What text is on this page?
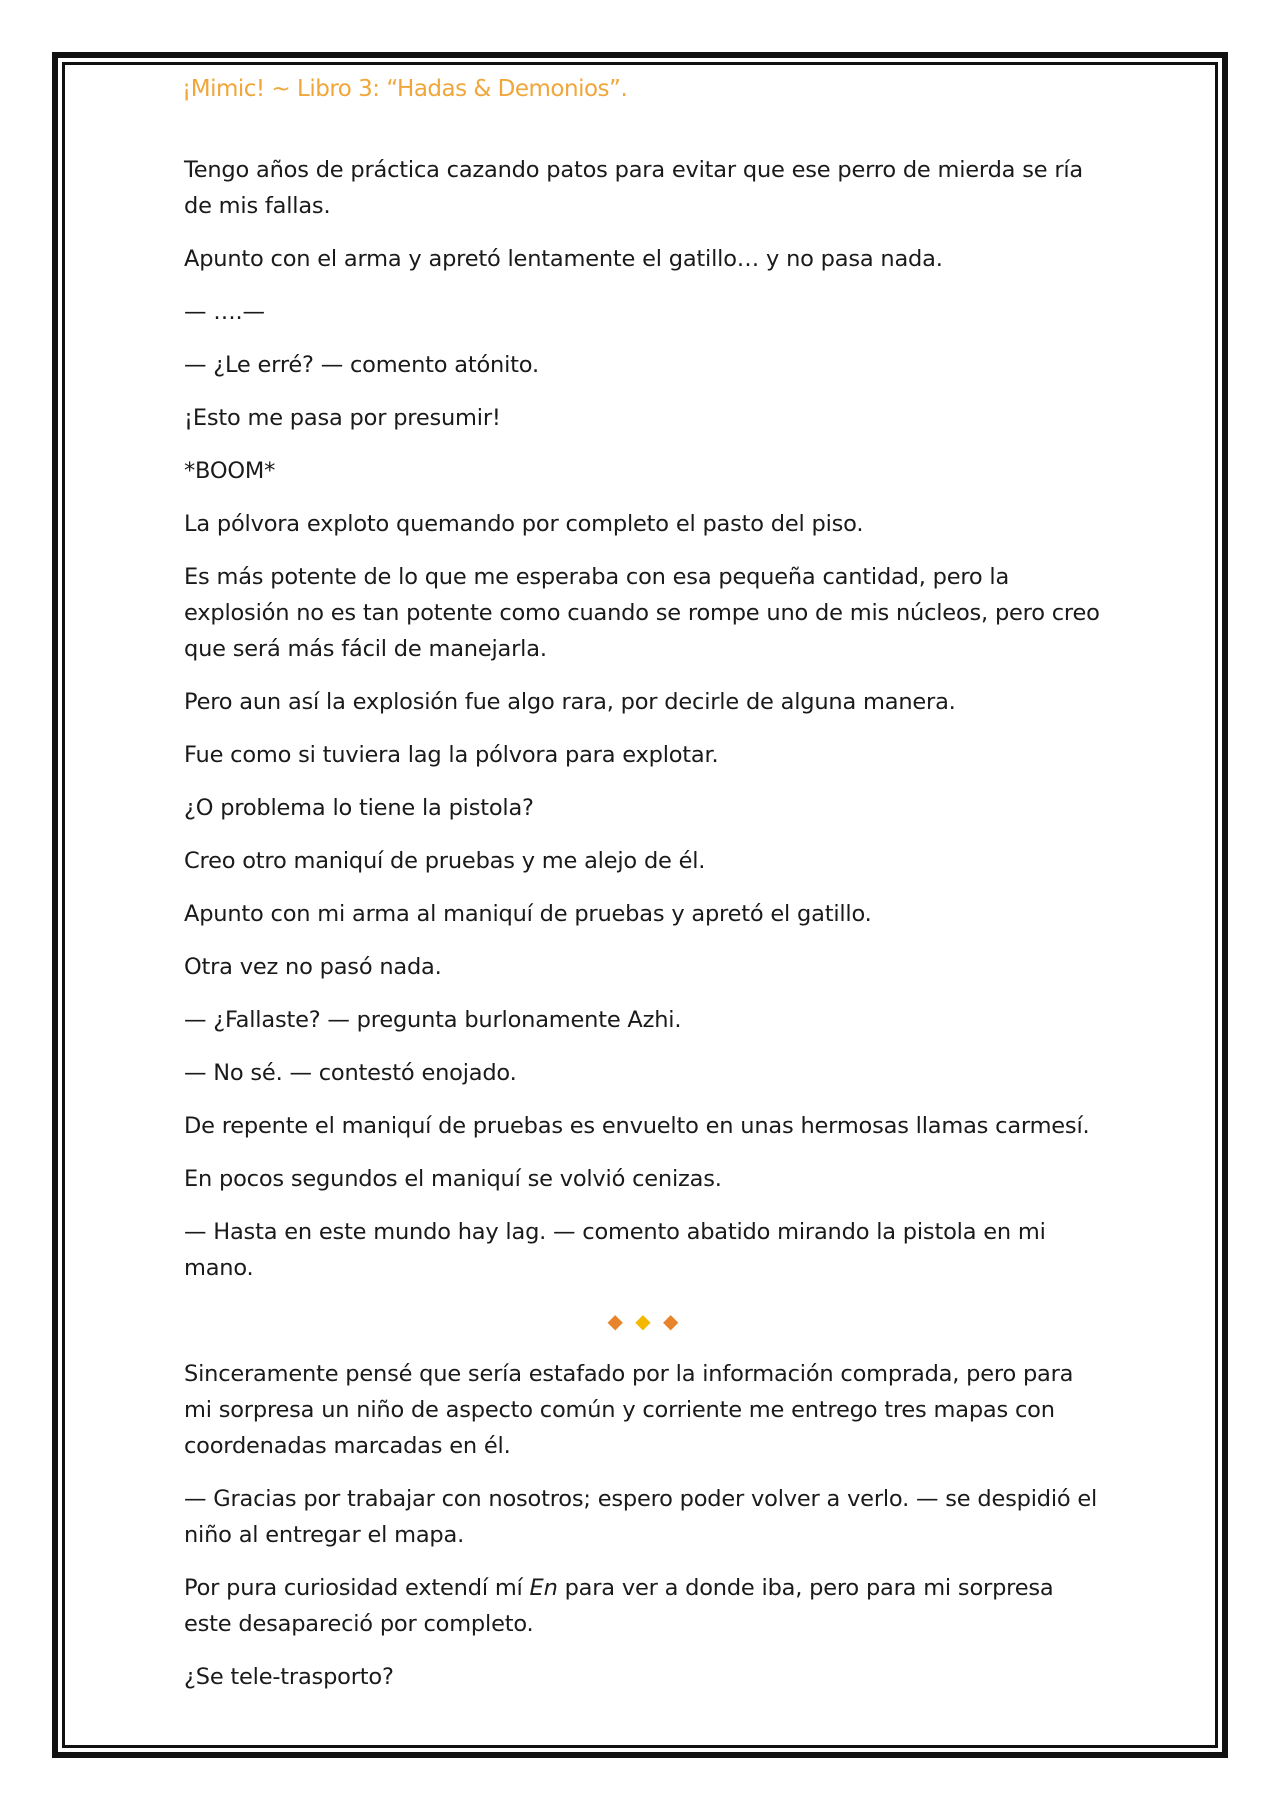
¡Mimic! ~ Libro 3: “Hadas & Demonios”.

Tengo años de práctica cazando patos para evitar que ese perro de mierda se ría de mis fallas.

Apunto con el arma y apretó lentamente el gatillo… y no pasa nada.

— ….—

— ¿Le erré? — comento atónito.

¡Esto me pasa por presumir!

*BOOM*

La pólvora exploto quemando por completo el pasto del piso.

Es más potente de lo que me esperaba con esa pequeña cantidad, pero la explosión no es tan potente como cuando se rompe uno de mis núcleos, pero creo que será más fácil de manejarla.

Pero aun así la explosión fue algo rara, por decirle de alguna manera.

Fue como si tuviera lag la pólvora para explotar.

¿O problema lo tiene la pistola?

Creo otro maniquí de pruebas y me alejo de él.

Apunto con mi arma al maniquí de pruebas y apretó el gatillo.

Otra vez no pasó nada.

— ¿Fallaste? — pregunta burlonamente Azhi.

— No sé. — contestó enojado.

De repente el maniquí de pruebas es envuelto en unas hermosas llamas carmesí.

En pocos segundos el maniquí se volvió cenizas.

— Hasta en este mundo hay lag. — comento abatido mirando la pistola en mi mano.

◆ ◆ ◆

Sinceramente pensé que sería estafado por la información comprada, pero para mi sorpresa un niño de aspecto común y corriente me entrego tres mapas con coordenadas marcadas en él.

— Gracias por trabajar con nosotros; espero poder volver a verlo. — se despidió el niño al entregar el mapa.

Por pura curiosidad extendí mí En para ver a donde iba, pero para mi sorpresa este desapareció por completo.

¿Se tele-trasporto?
